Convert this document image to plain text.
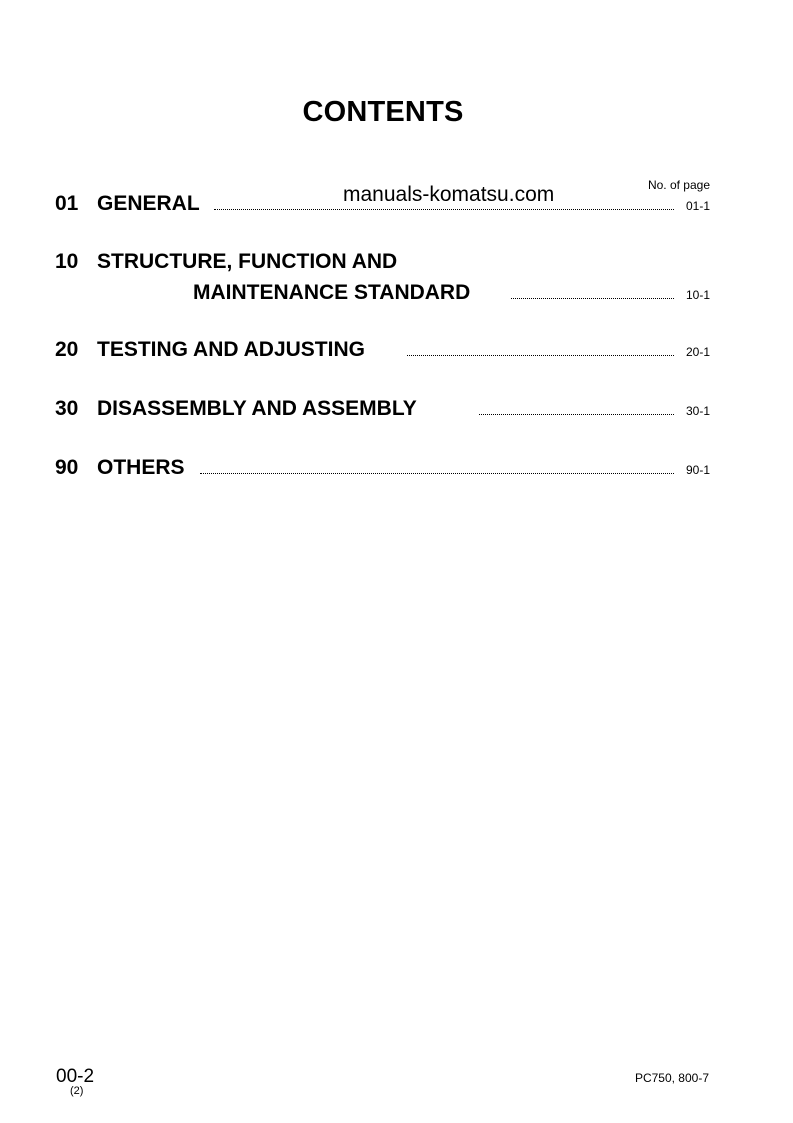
CONTENTS
manuals-komatsu.com	No. of page
01 GENERAL	01-1
10 STRUCTURE, FUNCTION AND
MAINTENANCE STANDARD	10-1
20 TESTING AND ADJUSTING	20-1
30 DISASSEMBLY AND ASSEMBLY	30-1
90 OTHERS	90-1
00-2
(2)
PC750, 800-7
